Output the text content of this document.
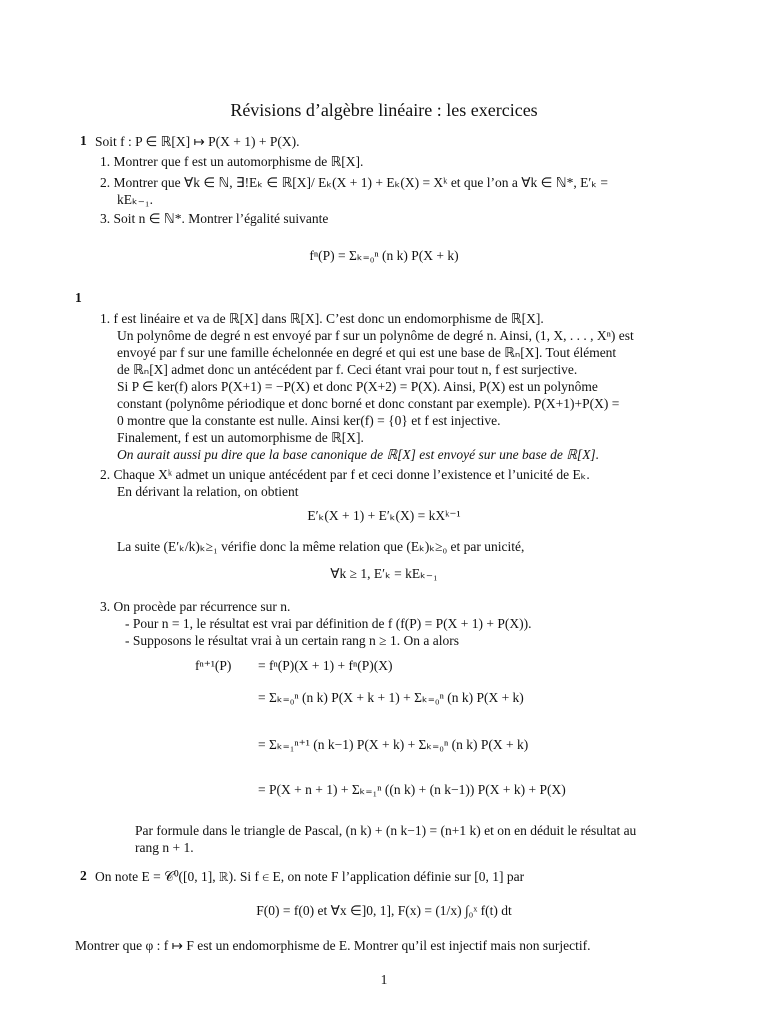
Révisions d’algèbre linéaire : les exercices
1 Soit f : P ∈ ℝ[X] ↦ P(X + 1) + P(X).
1. Montrer que f est un automorphisme de ℝ[X].
2. Montrer que ∀k ∈ ℕ, ∃!Eₖ ∈ ℝ[X]/ Eₖ(X + 1) + Eₖ(X) = Xᵏ et que l’on a ∀k ∈ ℕ*, E′ₖ =
kEₖ₋₁.
3. Soit n ∈ ℕ*. Montrer l’égalité suivante
fⁿ(P) = Σₖ₌₀ⁿ (n k) P(X + k)
1
1. f est linéaire et va de ℝ[X] dans ℝ[X]. C’est donc un endomorphisme de ℝ[X].
Un polynôme de degré n est envoyé par f sur un polynôme de degré n. Ainsi, (1, X, . . . , Xⁿ) est
envoyé par f sur une famille échelonnée en degré et qui est une base de ℝₙ[X]. Tout élément
de ℝₙ[X] admet donc un antécédent par f. Ceci étant vrai pour tout n, f est surjective.
Si P ∈ ker(f) alors P(X+1) = −P(X) et donc P(X+2) = P(X). Ainsi, P(X) est un polynôme
constant (polynôme périodique et donc borné et donc constant par exemple). P(X+1)+P(X) =
0 montre que la constante est nulle. Ainsi ker(f) = {0} et f est injective.
Finalement, f est un automorphisme de ℝ[X].
On aurait aussi pu dire que la base canonique de ℝ[X] est envoyé sur une base de ℝ[X].
2. Chaque Xᵏ admet un unique antécédent par f et ceci donne l’existence et l’unicité de Eₖ.
En dérivant la relation, on obtient
E′ₖ(X + 1) + E′ₖ(X) = kXᵏ⁻¹
La suite (E′ₖ/k)ₖ≥₁ vérifie donc la même relation que (Eₖ)ₖ≥₀ et par unicité,
∀k ≥ 1, E′ₖ = kEₖ₋₁
3. On procède par récurrence sur n.
- Pour n = 1, le résultat est vrai par définition de f (f(P) = P(X + 1) + P(X)).
- Supposons le résultat vrai à un certain rang n ≥ 1. On a alors
fⁿ⁺¹(P) = fⁿ(P)(X + 1) + fⁿ(P)(X)
= Σₖ₌₀ⁿ (n k) P(X + k + 1) + Σₖ₌₀ⁿ (n k) P(X + k)
= Σₖ₌₁ⁿ⁺¹ (n k−1) P(X + k) + Σₖ₌₀ⁿ (n k) P(X + k)
= P(X + n + 1) + Σₖ₌₁ⁿ ((n k) + (n k−1)) P(X + k) + P(X)
Par formule dans le triangle de Pascal, (n k) + (n k−1) = (n+1 k) et on en déduit le résultat au
rang n + 1.
2 On note E = 𝒞⁰([0, 1], ℝ). Si f ∈ E, on note F l’application définie sur [0, 1] par
F(0) = f(0) et ∀x ∈]0, 1], F(x) = (1/x) ∫₀ˣ f(t) dt
Montrer que φ : f ↦ F est un endomorphisme de E. Montrer qu’il est injectif mais non surjectif.
1
